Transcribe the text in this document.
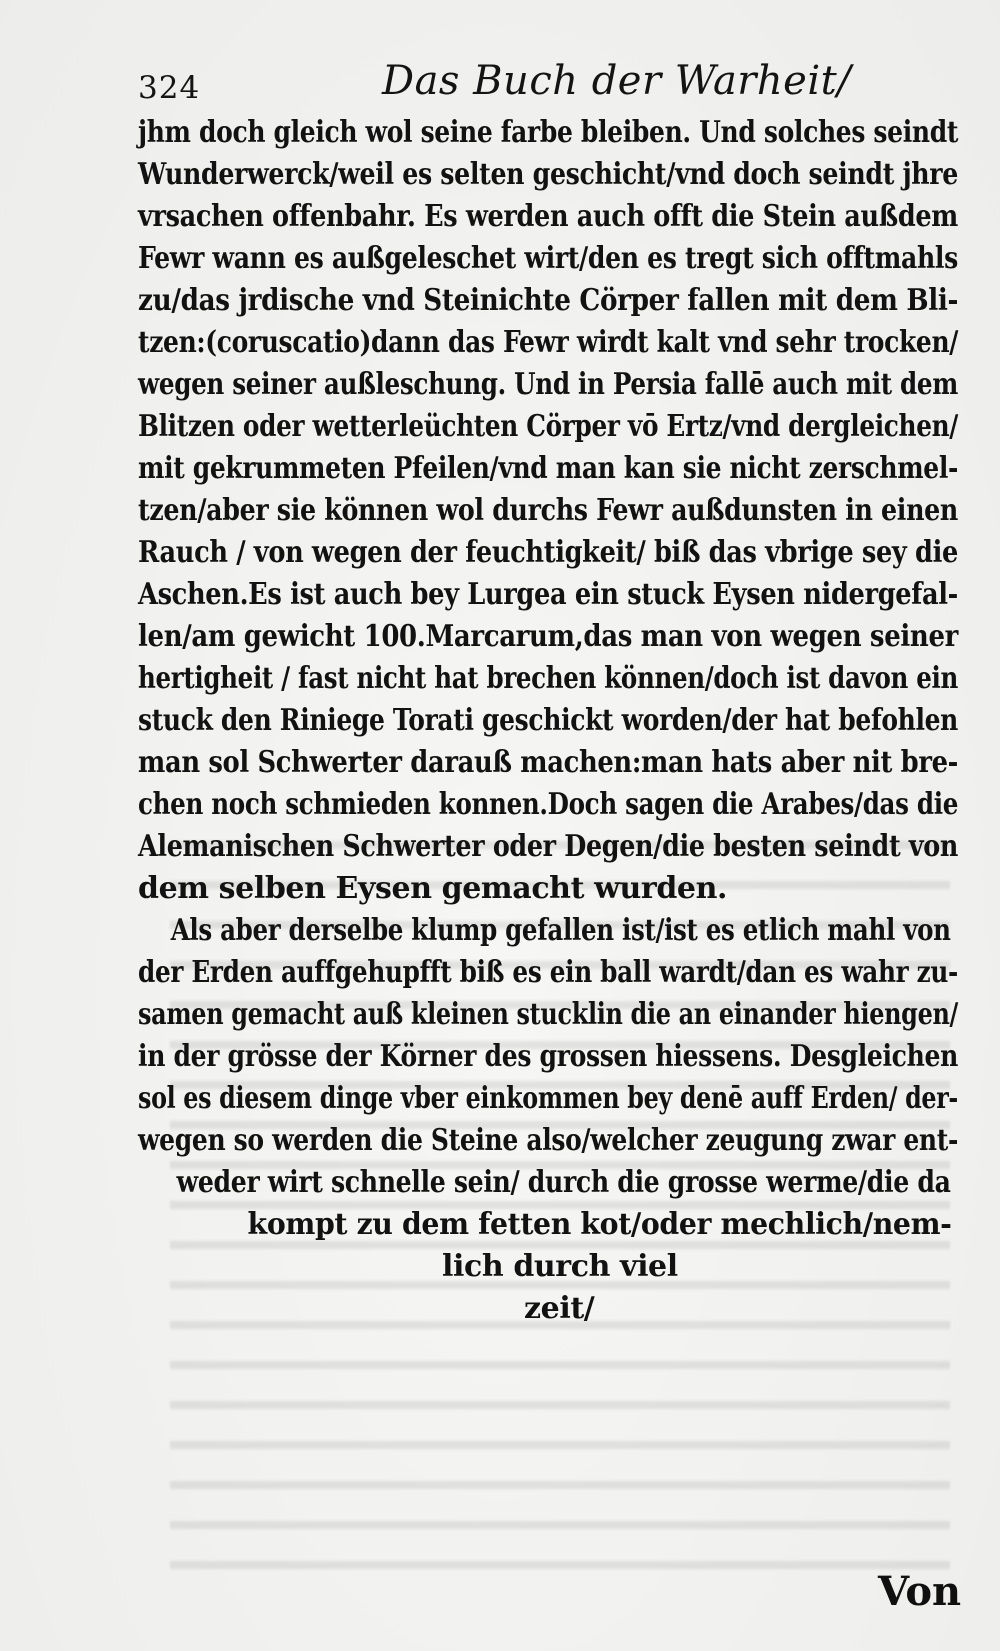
324	Das Buch der Warheit/
jhm doch gleich wol seine farbe bleiben. Und solches seindt
Wunderwerck/weil es selten geschicht/vnd doch seindt jhre
vrsachen offenbahr. Es werden auch offt die Stein außdem
Fewr wann es außgeleschet wirt/den es tregt sich offtmahls
zu/das jrdische vnd Steinichte Cörper fallen mit dem Bli-
tzen:(coruscatio)dann das Fewr wirdt kalt vnd sehr trocken/
wegen seiner außleschung. Und in Persia fallē auch mit dem
Blitzen oder wetterleüchten Cörper vō Ertz/vnd dergleichen/
mit gekrummeten Pfeilen/vnd man kan sie nicht zerschmel-
tzen/aber sie können wol durchs Fewr außdunsten in einen
Rauch / von wegen der feuchtigkeit/ biß das vbrige sey die
Aschen.Es ist auch bey Lurgea ein stuck Eysen nidergefal-
len/am gewicht 100.Marcarum,das man von wegen seiner
hertigheit / fast nicht hat brechen können/doch ist davon ein
stuck den Riniege Torati geschickt worden/der hat befohlen
man sol Schwerter darauß machen:man hats aber nit bre-
chen noch schmieden konnen.Doch sagen die Arabes/das die
Alemanischen Schwerter oder Degen/die besten seindt von
dem selben Eysen gemacht wurden.
Als aber derselbe klump gefallen ist/ist es etlich mahl von
der Erden auffgehupfft biß es ein ball wardt/dan es wahr zu-
samen gemacht auß kleinen stucklin die an einander hiengen/
in der grösse der Körner des grossen hiessens. Desgleichen
sol es diesem dinge vber einkommen bey denē auff Erden/ der-
wegen so werden die Steine also/welcher zeugung zwar ent-
weder wirt schnelle sein/ durch die grosse werme/die da
kompt zu dem fetten kot/oder mechlich/nem-
lich durch viel
zeit/
Von
